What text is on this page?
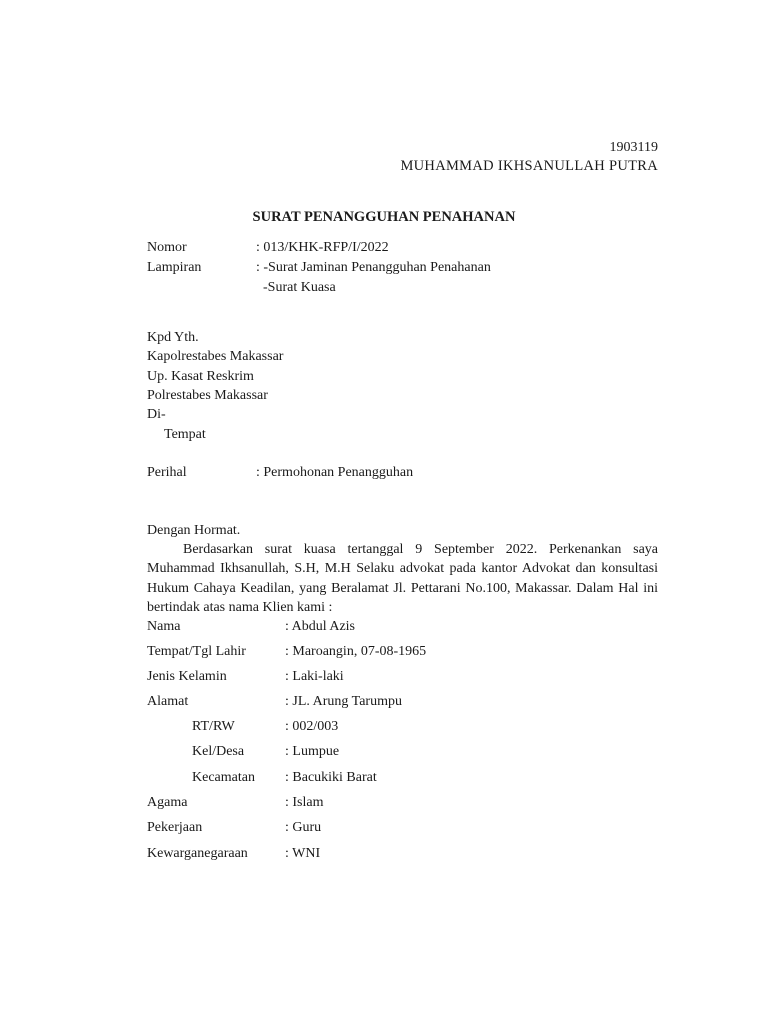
1903119
MUHAMMAD IKHSANULLAH PUTRA
SURAT PENANGGUHAN PENAHANAN
Nomor	: 013/KHK-RFP/I/2022
Lampiran	: -Surat Jaminan Penangguhan Penahanan
-Surat Kuasa
Kpd Yth.
Kapolrestabes Makassar
Up. Kasat Reskrim
Polrestabes Makassar
Di-
Tempat
Perihal	: Permohonan Penangguhan
Dengan Hormat.
Berdasarkan surat kuasa tertanggal 9 September 2022. Perkenankan saya Muhammad Ikhsanullah, S.H, M.H Selaku advokat pada kantor Advokat dan konsultasi Hukum Cahaya Keadilan, yang Beralamat Jl. Pettarani No.100, Makassar. Dalam Hal ini bertindak atas nama Klien kami :
Nama	: Abdul Azis
Tempat/Tgl Lahir	: Maroangin, 07-08-1965
Jenis Kelamin	: Laki-laki
Alamat	: JL. Arung Tarumpu
RT/RW	: 002/003
Kel/Desa	: Lumpue
Kecamatan : Bacukiki Barat
Agama	: Islam
Pekerjaan	: Guru
Kewarganegaraan	: WNI
